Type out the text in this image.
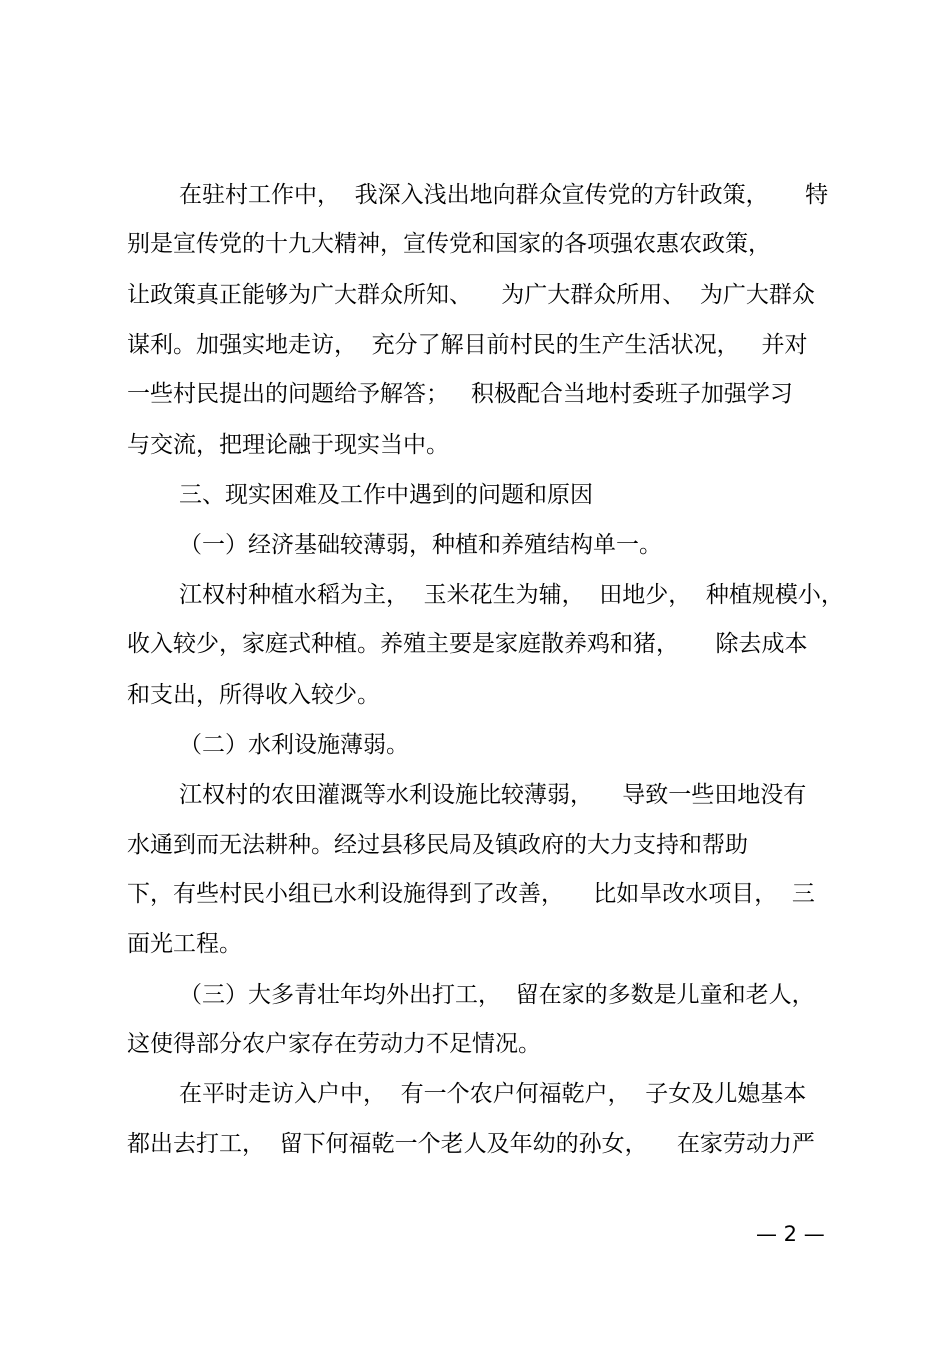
在驻村工作中，  我深入浅出地向群众宣传党的方针政策，     特
别是宣传党的十九大精神，宣传党和国家的各项强农惠农政策，
让政策真正能够为广大群众所知、    为广大群众所用、  为广大群众
谋利。加强实地走访，  充分了解目前村民的生产生活状况，   并对
一些村民提出的问题给予解答；   积极配合当地村委班子加强学习
与交流，把理论融于现实当中。
三、现实困难及工作中遇到的问题和原因
（一）经济基础较薄弱，种植和养殖结构单一。
江权村种植水稻为主，  玉米花生为辅，  田地少，  种植规模小，
收入较少，家庭式种植。养殖主要是家庭散养鸡和猪，     除去成本
和支出，所得收入较少。
（二）水利设施薄弱。
江权村的农田灌溉等水利设施比较薄弱，    导致一些田地没有
水通到而无法耕种。经过县移民局及镇政府的大力支持和帮助
下，有些村民小组已水利设施得到了改善，    比如旱改水项目，  三
面光工程。
（三）大多青壮年均外出打工，  留在家的多数是儿童和老人，
这使得部分农户家存在劳动力不足情况。
在平时走访入户中，  有一个农户何福乾户，  子女及儿媳基本
都出去打工，  留下何福乾一个老人及年幼的孙女，    在家劳动力严
— 2 —
